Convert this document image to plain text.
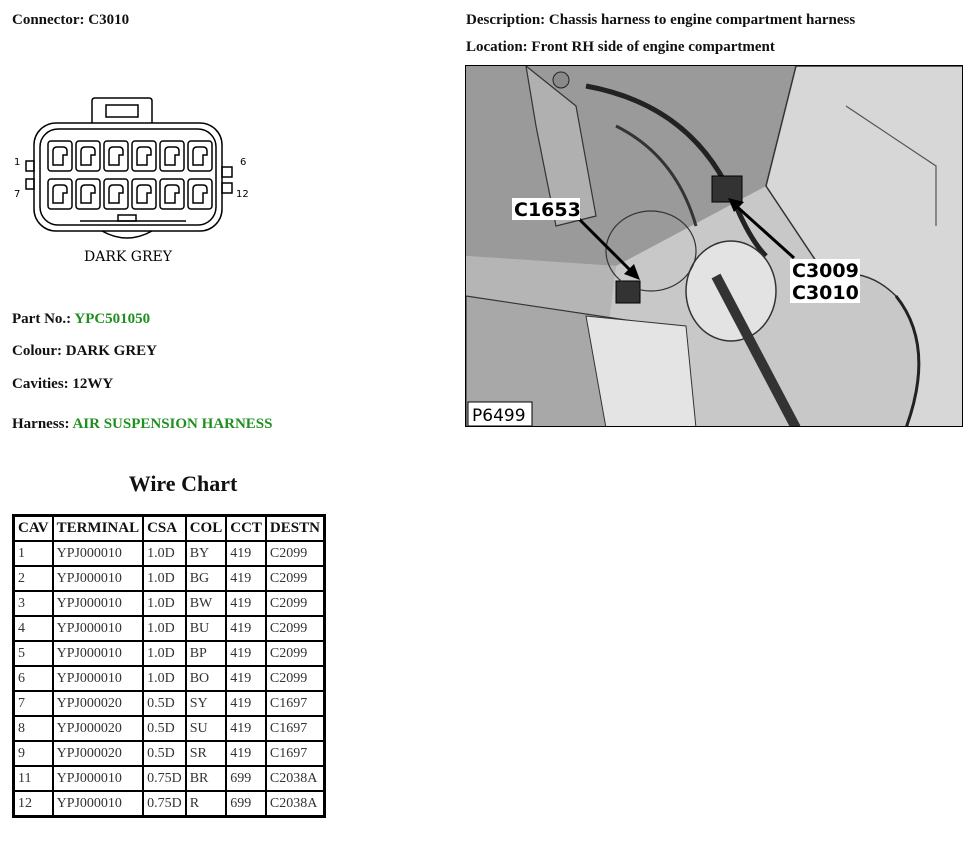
Connector: C3010	Description: Chassis harness to engine compartment harness
Location: Front RH side of engine compartment
1	6
7	12
DARK GREY
Part No.: YPC501050
Colour: DARK GREY
Cavities: 12WY
Harness: AIR SUSPENSION HARNESS
C1653
C3009
C3010
P6499
Wire Chart
CAV	TERMINAL	CSA	COL	CCT	DESTN
1	YPJ000010	1.0D	BY	419	C2099
2	YPJ000010	1.0D	BG	419	C2099
3	YPJ000010	1.0D	BW	419	C2099
4	YPJ000010	1.0D	BU	419	C2099
5	YPJ000010	1.0D	BP	419	C2099
6	YPJ000010	1.0D	BO	419	C2099
7	YPJ000020	0.5D	SY	419	C1697
8	YPJ000020	0.5D	SU	419	C1697
9	YPJ000020	0.5D	SR	419	C1697
11	YPJ000010	0.75D	BR	699	C2038A
12	YPJ000010	0.75D	R	699	C2038A
